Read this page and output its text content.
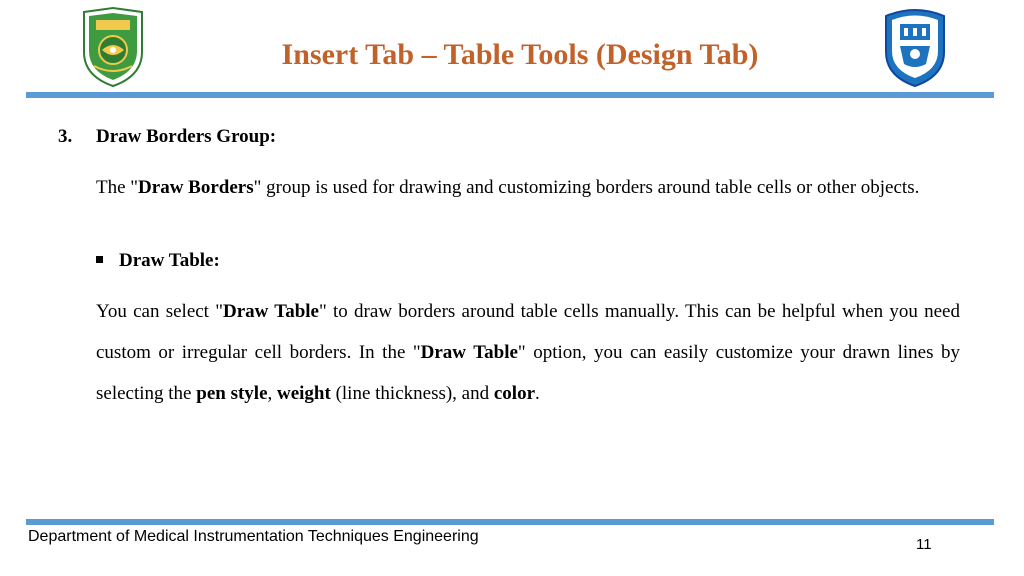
Insert Tab – Table Tools (Design Tab)
3. Draw Borders Group:
The "Draw Borders" group is used for drawing and customizing borders around table cells or other objects.
Draw Table:
You can select "Draw Table" to draw borders around table cells manually. This can be helpful when you need custom or irregular cell borders. In the "Draw Table" option, you can easily customize your drawn lines by selecting the pen style, weight (line thickness), and color.
Department of Medical Instrumentation Techniques Engineering	11
